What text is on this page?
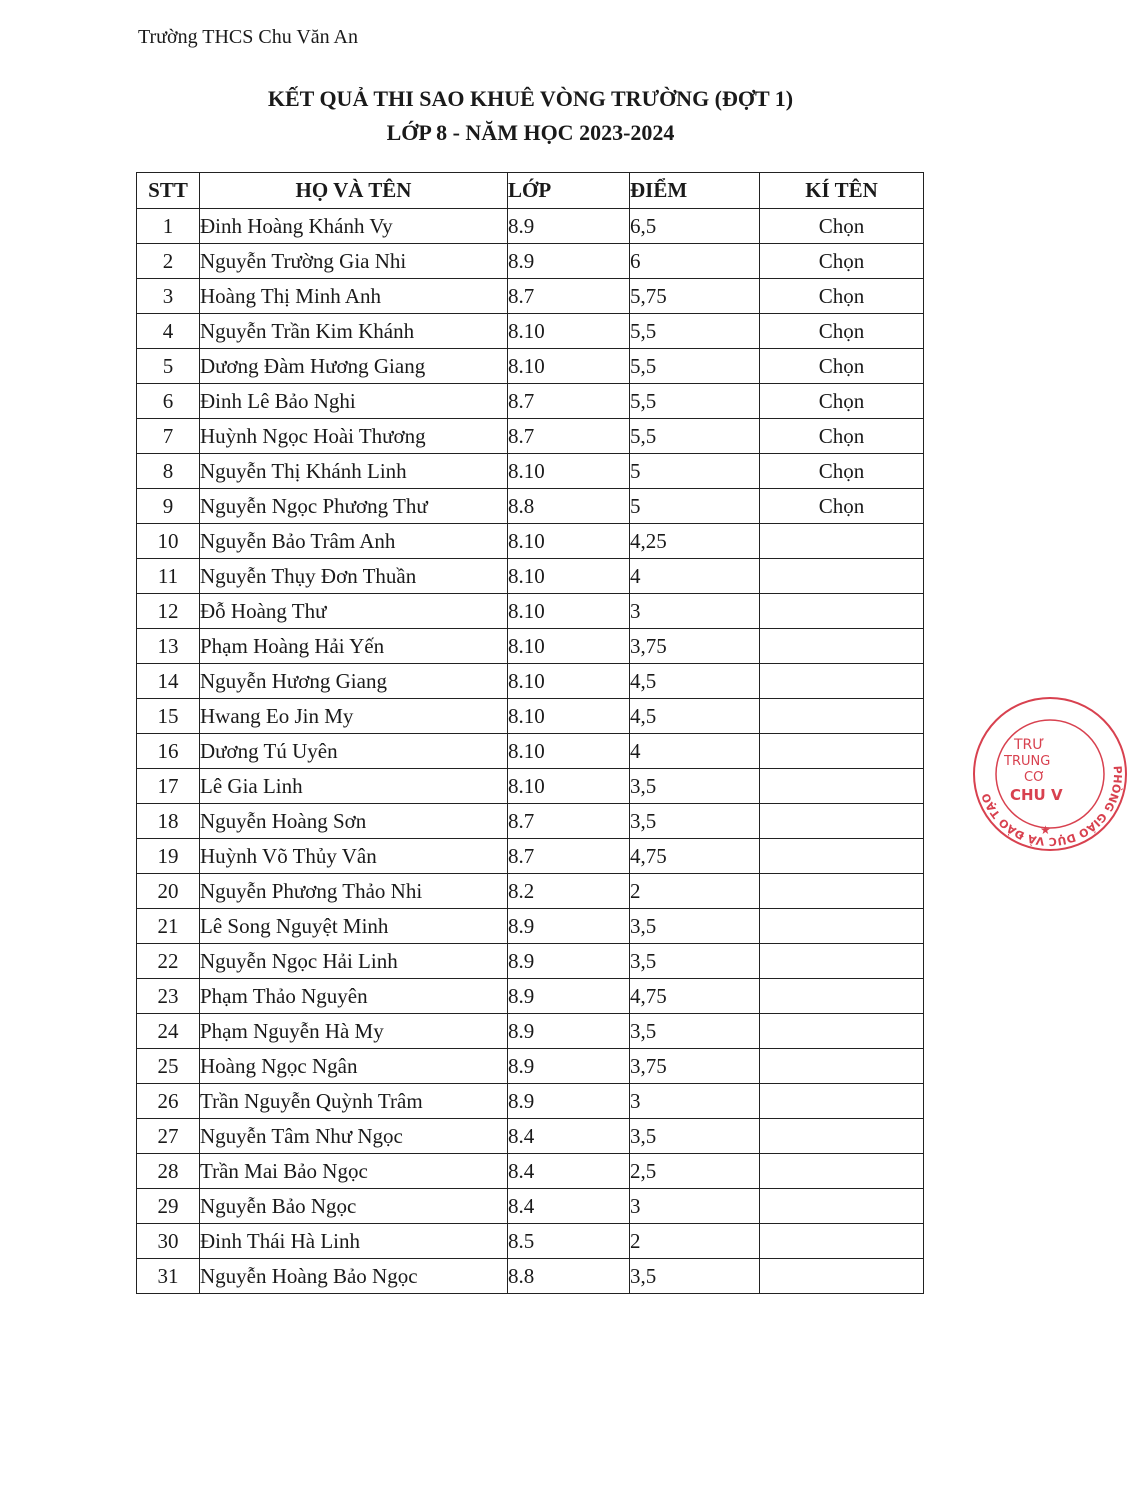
Trường THCS Chu Văn An
KẾT QUẢ THI SAO KHUÊ VÒNG TRƯỜNG (ĐỢT 1)
LỚP 8 - NĂM HỌC 2023-2024
STT	HỌ VÀ TÊN	LỚP	ĐIỂM	KÍ TÊN
1	Đinh Hoàng Khánh Vy	8.9	6,5	Chọn
2	Nguyễn Trường Gia Nhi	8.9	6	Chọn
3	Hoàng Thị Minh Anh	8.7	5,75	Chọn
4	Nguyễn Trần Kim Khánh	8.10	5,5	Chọn
5	Dương Đàm Hương Giang	8.10	5,5	Chọn
6	Đinh Lê Bảo Nghi	8.7	5,5	Chọn
7	Huỳnh Ngọc Hoài Thương	8.7	5,5	Chọn
8	Nguyễn Thị Khánh Linh	8.10	5	Chọn
9	Nguyễn Ngọc Phương Thư	8.8	5	Chọn
10	Nguyễn Bảo Trâm Anh	8.10	4,25	
11	Nguyễn Thụy Đơn Thuần	8.10	4	
12	Đỗ Hoàng Thư	8.10	3	
13	Phạm Hoàng Hải Yến	8.10	3,75	
14	Nguyễn Hương Giang	8.10	4,5	
15	Hwang Eo Jin My	8.10	4,5	
16	Dương Tú Uyên	8.10	4	
17	Lê Gia Linh	8.10	3,5	
18	Nguyễn Hoàng Sơn	8.7	3,5	
19	Huỳnh Võ Thủy Vân	8.7	4,75	
20	Nguyễn Phương Thảo Nhi	8.2	2	
21	Lê Song Nguyệt Minh	8.9	3,5	
22	Nguyễn Ngọc Hải Linh	8.9	3,5	
23	Phạm Thảo Nguyên	8.9	4,75	
24	Phạm Nguyễn Hà My	8.9	3,5	
25	Hoàng Ngọc Ngân	8.9	3,75	
26	Trần Nguyễn Quỳnh Trâm	8.9	3	
27	Nguyễn Tâm Như Ngọc	8.4	3,5	
28	Trần Mai Bảo Ngọc	8.4	2,5	
29	Nguyễn Bảo Ngọc	8.4	3	
30	Đinh Thái Hà Linh	8.5	2	
31	Nguyễn Hoàng Bảo Ngọc	8.8	3,5	
PHÒNG GIÁO DỤC VÀ ĐÀO TẠO
TRƯ
TRUNG
CƠ
CHU V
★
